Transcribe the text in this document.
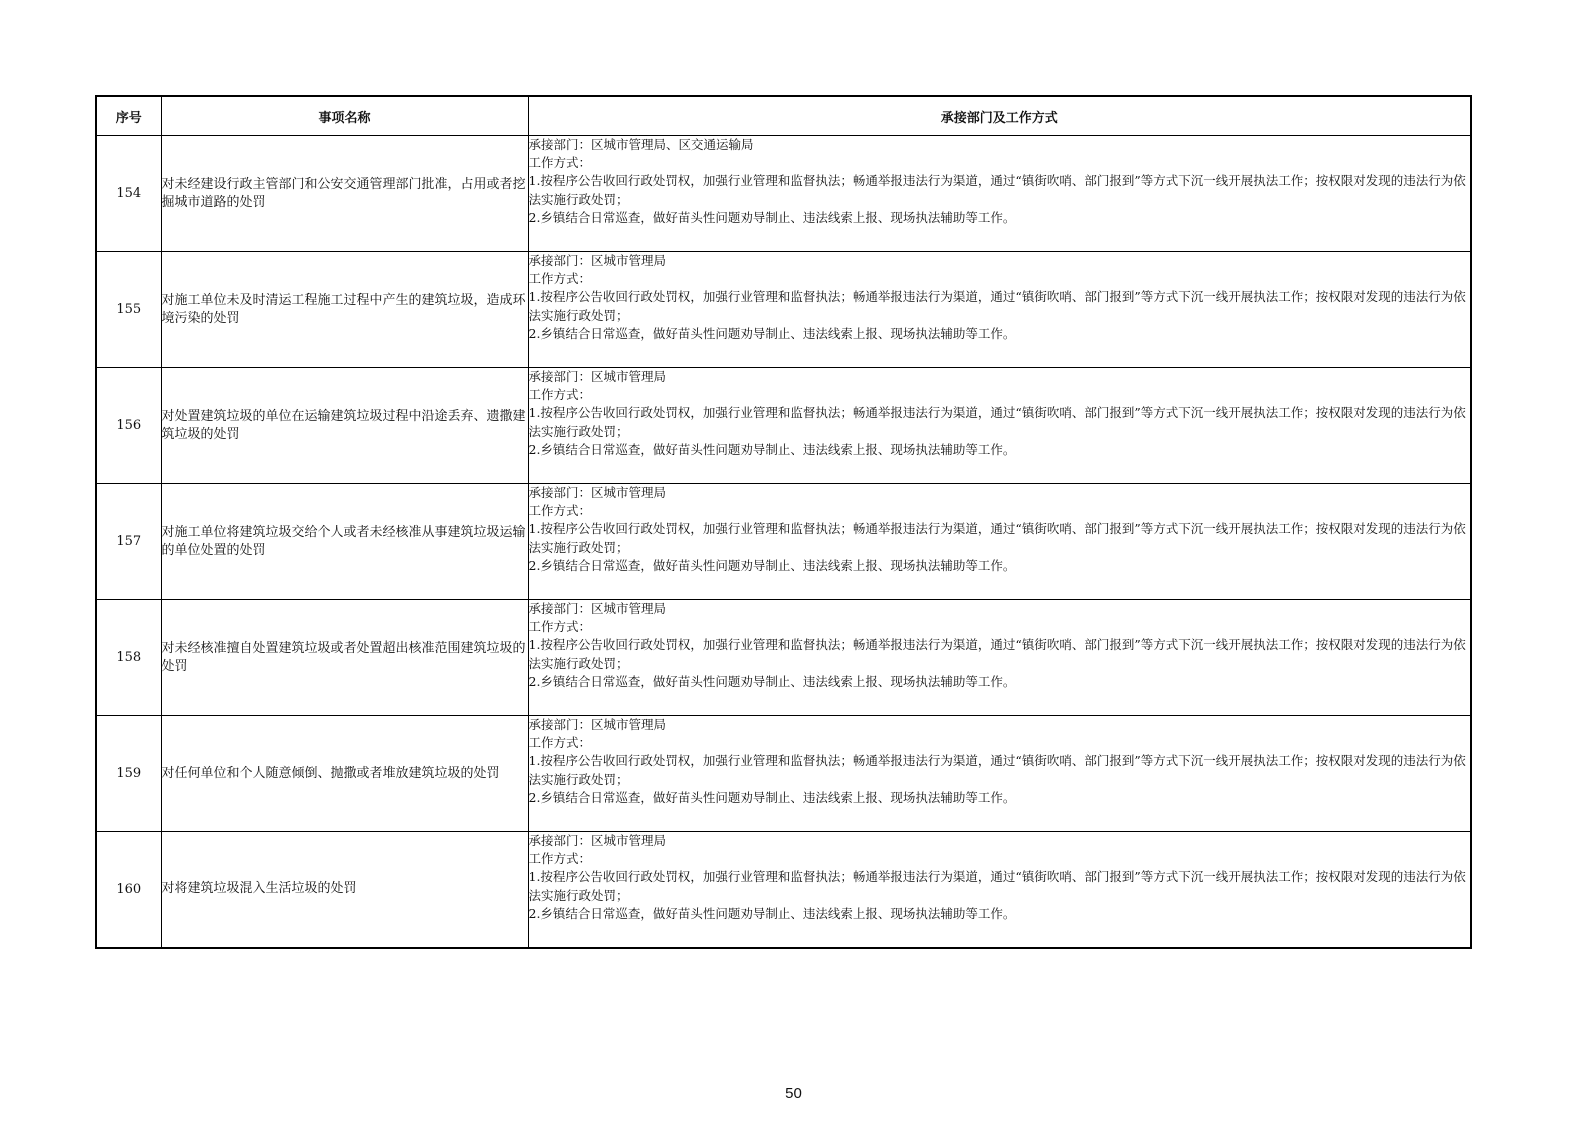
序号	事项名称	承接部门及工作方式
154	对未经建设行政主管部门和公安交通管理部门批准，占用或者挖掘城市道路的处罚	承接部门：区城市管理局、区交通运输局
工作方式：
1.按程序公告收回行政处罚权，加强行业管理和监督执法；畅通举报违法行为渠道，通过“镇街吹哨、部门报到”等方式下沉一线开展执法工作；按权限对发现的违法行为依法实施行政处罚；
2.乡镇结合日常巡查，做好苗头性问题劝导制止、违法线索上报、现场执法辅助等工作。

155	对施工单位未及时清运工程施工过程中产生的建筑垃圾，造成环境污染的处罚	承接部门：区城市管理局
工作方式：
1.按程序公告收回行政处罚权，加强行业管理和监督执法；畅通举报违法行为渠道，通过“镇街吹哨、部门报到”等方式下沉一线开展执法工作；按权限对发现的违法行为依法实施行政处罚；
2.乡镇结合日常巡查，做好苗头性问题劝导制止、违法线索上报、现场执法辅助等工作。

156	对处置建筑垃圾的单位在运输建筑垃圾过程中沿途丢弃、遗撒建筑垃圾的处罚	承接部门：区城市管理局
工作方式：
1.按程序公告收回行政处罚权，加强行业管理和监督执法；畅通举报违法行为渠道，通过“镇街吹哨、部门报到”等方式下沉一线开展执法工作；按权限对发现的违法行为依法实施行政处罚；
2.乡镇结合日常巡查，做好苗头性问题劝导制止、违法线索上报、现场执法辅助等工作。

157	对施工单位将建筑垃圾交给个人或者未经核准从事建筑垃圾运输的单位处置的处罚	承接部门：区城市管理局
工作方式：
1.按程序公告收回行政处罚权，加强行业管理和监督执法；畅通举报违法行为渠道，通过“镇街吹哨、部门报到”等方式下沉一线开展执法工作；按权限对发现的违法行为依法实施行政处罚；
2.乡镇结合日常巡查，做好苗头性问题劝导制止、违法线索上报、现场执法辅助等工作。

158	对未经核准擅自处置建筑垃圾或者处置超出核准范围建筑垃圾的处罚	承接部门：区城市管理局
工作方式：
1.按程序公告收回行政处罚权，加强行业管理和监督执法；畅通举报违法行为渠道，通过“镇街吹哨、部门报到”等方式下沉一线开展执法工作；按权限对发现的违法行为依法实施行政处罚；
2.乡镇结合日常巡查，做好苗头性问题劝导制止、违法线索上报、现场执法辅助等工作。

159	对任何单位和个人随意倾倒、抛撒或者堆放建筑垃圾的处罚	承接部门：区城市管理局
工作方式：
1.按程序公告收回行政处罚权，加强行业管理和监督执法；畅通举报违法行为渠道，通过“镇街吹哨、部门报到”等方式下沉一线开展执法工作；按权限对发现的违法行为依法实施行政处罚；
2.乡镇结合日常巡查，做好苗头性问题劝导制止、违法线索上报、现场执法辅助等工作。

160	对将建筑垃圾混入生活垃圾的处罚	承接部门：区城市管理局
工作方式：
1.按程序公告收回行政处罚权，加强行业管理和监督执法；畅通举报违法行为渠道，通过“镇街吹哨、部门报到”等方式下沉一线开展执法工作；按权限对发现的违法行为依法实施行政处罚；
2.乡镇结合日常巡查，做好苗头性问题劝导制止、违法线索上报、现场执法辅助等工作。
50
